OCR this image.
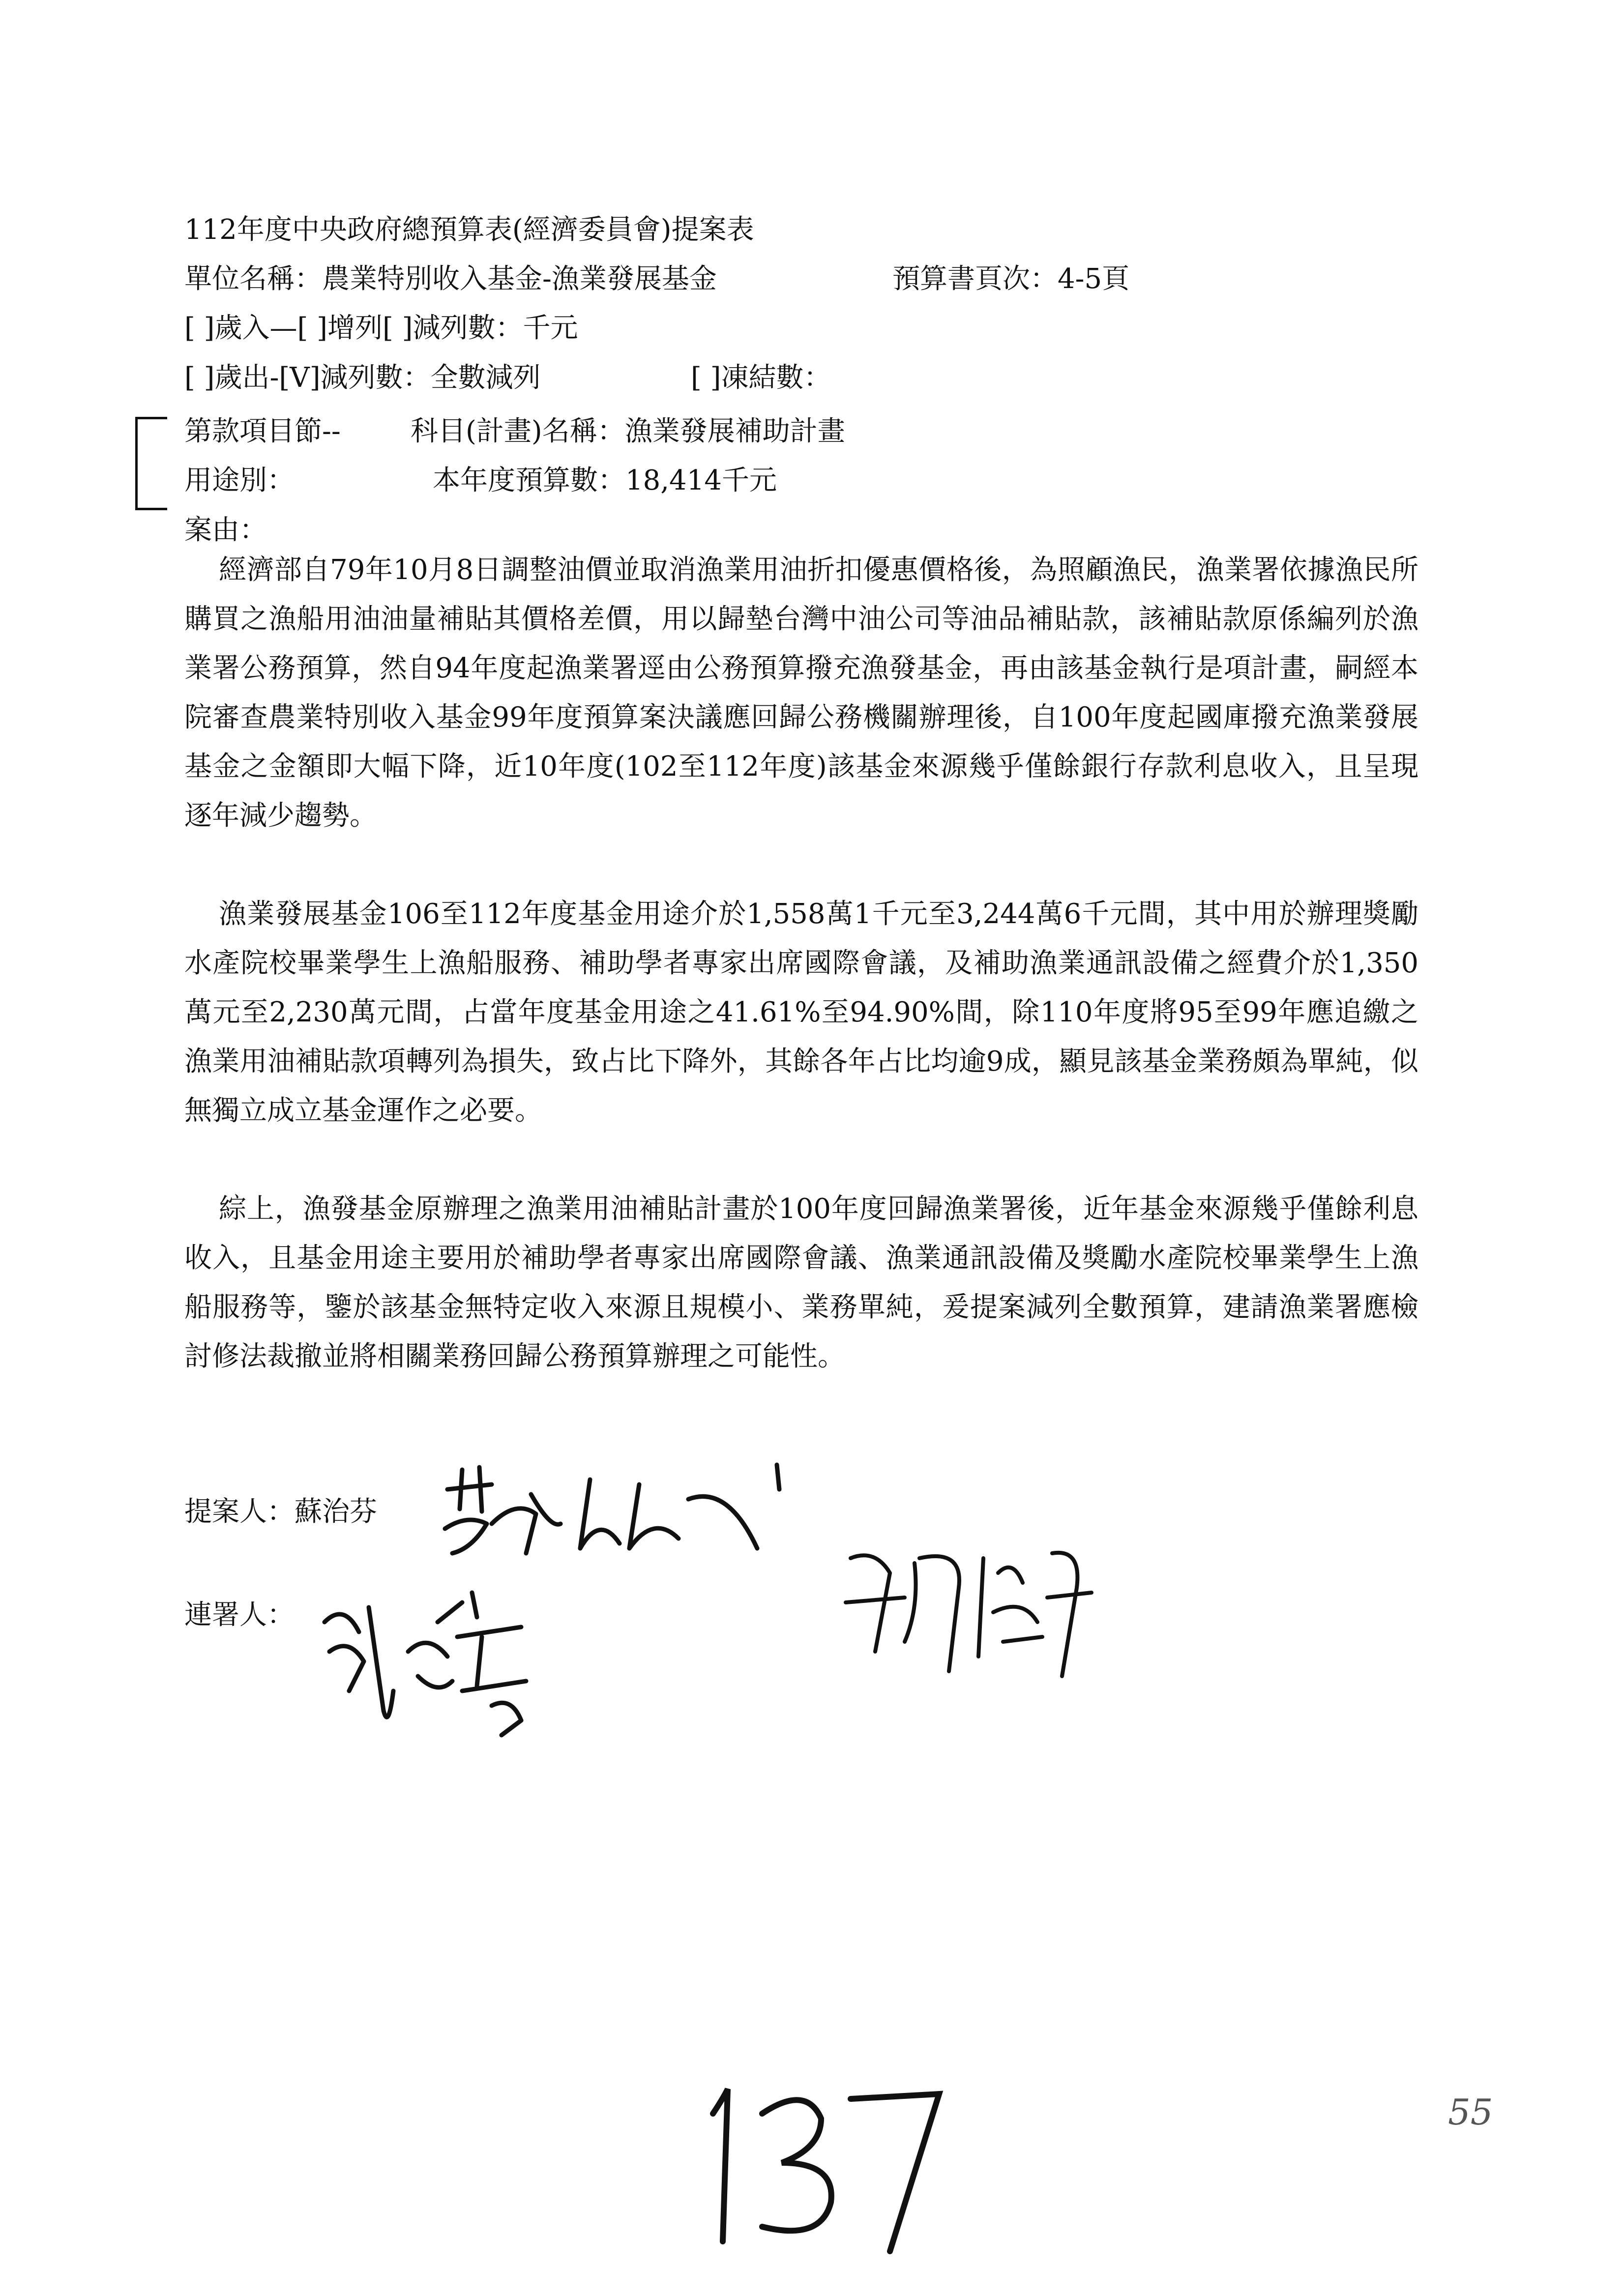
112年度中央政府總預算表(經濟委員會)提案表
單位名稱：農業特別收入基金-漁業發展基金	預算書頁次：4-5頁
[ ]歲入—[ ]增列[ ]減列數：千元
[ ]歲出-[V]減列數：全數減列	[ ]凍結數：
第款項目節--	科目(計畫)名稱：漁業發展補助計畫
用途別：	本年度預算數：18,414千元
案由：
經濟部自79年10月8日調整油價並取消漁業用油折扣優惠價格後，為照顧漁民，漁業署依據漁民所購買之漁船用油油量補貼其價格差價，用以歸墊台灣中油公司等油品補貼款，該補貼款原係編列於漁業署公務預算，然自94年度起漁業署逕由公務預算撥充漁發基金，再由該基金執行是項計畫，嗣經本院審查農業特別收入基金99年度預算案決議應回歸公務機關辦理後，自100年度起國庫撥充漁業發展基金之金額即大幅下降，近10年度(102至112年度)該基金來源幾乎僅餘銀行存款利息收入，且呈現逐年減少趨勢。
漁業發展基金106至112年度基金用途介於1,558萬1千元至3,244萬6千元間，其中用於辦理獎勵水產院校畢業學生上漁船服務、補助學者專家出席國際會議，及補助漁業通訊設備之經費介於1,350萬元至2,230萬元間，占當年度基金用途之41.61%至94.90%間，除110年度將95至99年應追繳之漁業用油補貼款項轉列為損失，致占比下降外，其餘各年占比均逾9成，顯見該基金業務頗為單純，似無獨立成立基金運作之必要。
綜上，漁發基金原辦理之漁業用油補貼計畫於100年度回歸漁業署後，近年基金來源幾乎僅餘利息收入，且基金用途主要用於補助學者專家出席國際會議、漁業通訊設備及獎勵水產院校畢業學生上漁船服務等，鑒於該基金無特定收入來源且規模小、業務單純，爰提案減列全數預算，建請漁業署應檢討修法裁撤並將相關業務回歸公務預算辦理之可能性。
提案人：蘇治芬
連署人：
137
55
